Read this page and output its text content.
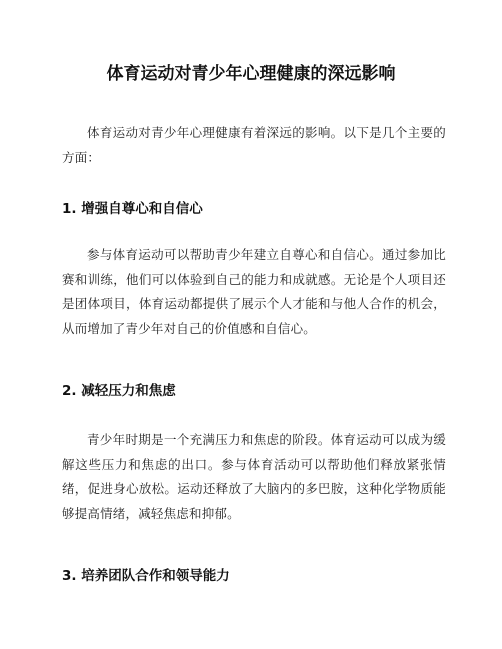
体育运动对青少年心理健康的深远影响

体育运动对青少年心理健康有着深远的影响。以下是几个主要的方面：

1. 增强自尊心和自信心

参与体育运动可以帮助青少年建立自尊心和自信心。通过参加比赛和训练，他们可以体验到自己的能力和成就感。无论是个人项目还是团体项目，体育运动都提供了展示个人才能和与他人合作的机会，从而增加了青少年对自己的价值感和自信心。

2. 减轻压力和焦虑

青少年时期是一个充满压力和焦虑的阶段。体育运动可以成为缓解这些压力和焦虑的出口。参与体育活动可以帮助他们释放紧张情绪，促进身心放松。运动还释放了大脑内的多巴胺，这种化学物质能够提高情绪，减轻焦虑和抑郁。

3. 培养团队合作和领导能力
